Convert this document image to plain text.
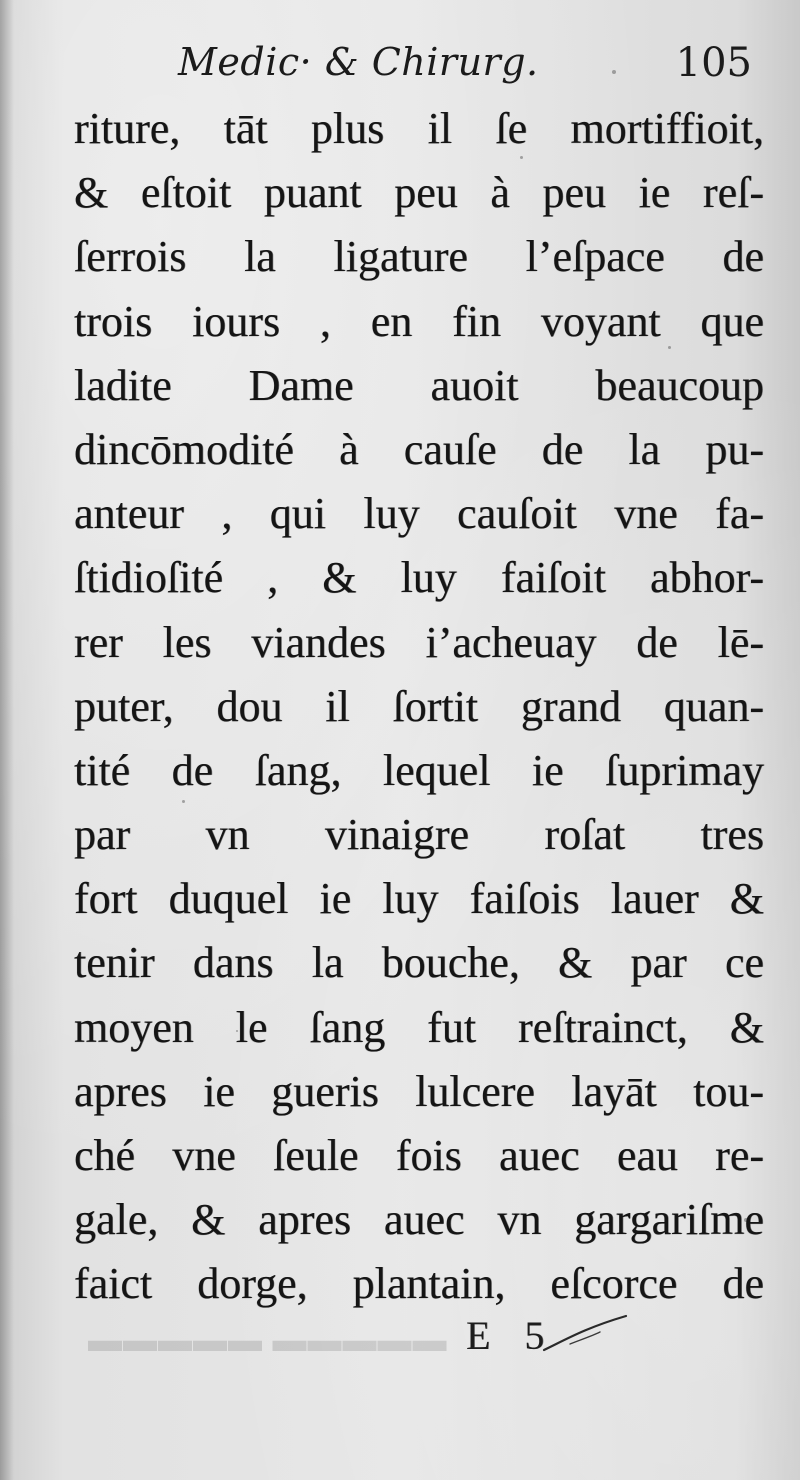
Medic· & Chirurg.	105
riture, tāt plus il ſe mortiffioit,
& eſtoit puant peu à peu ie reſ-
ſerrois la ligature l’eſpace de
trois iours , en fin voyant que
ladite Dame auoit beaucoup
dincōmodité à cauſe de la pu-
anteur , qui luy cauſoit vne fa-
ſtidioſité , & luy faiſoit abhor-
rer les viandes i’acheuay de lē-
puter, dou il ſortit grand quan-
tité de ſang, lequel ie ſuprimay
par vn vinaigre roſat tres
fort duquel ie luy faiſois lauer &
tenir dans la bouche, & par ce
moyen le ſang fut reſtrainct, &
apres ie gueris lulcere layāt tou-
ché vne ſeule fois auec eau re-
gale, & apres auec vn gargariſme
faict dorge, plantain, eſcorce de
▬▬▬▬▬ ▬▬▬▬▬ E 5
